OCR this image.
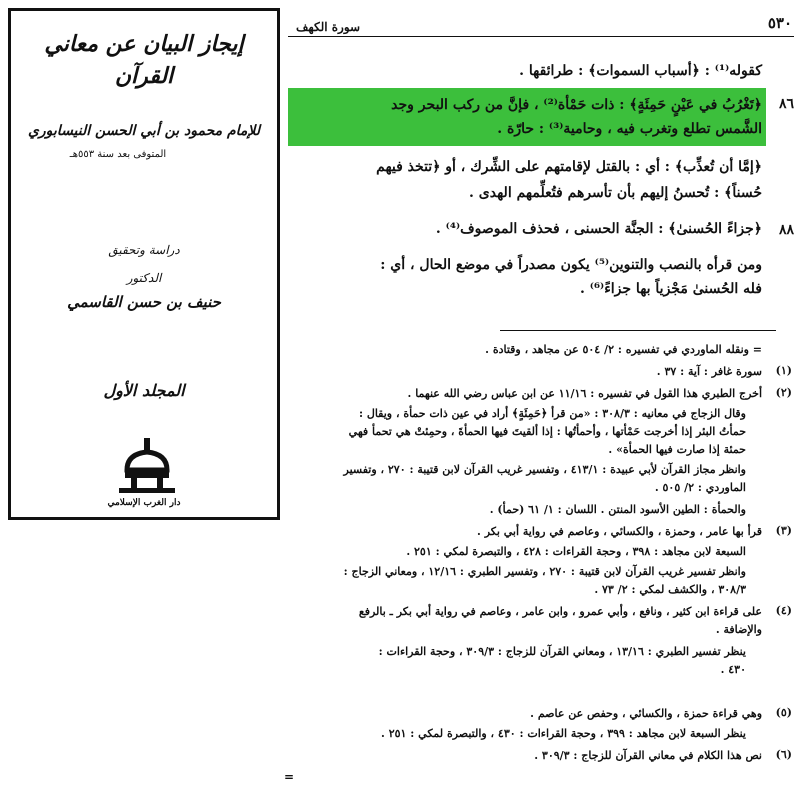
إيجاز البيان عن معاني القرآن
للإمام محمود بن أبي الحسن النيسابوري
المتوفى بعد سنة ٥٥٣هـ
دراسة وتحقيق
الدكتور
حنيف بن حسن القاسمي
المجلد الأول
دار الغرب الإسلامي
٥٣٠
سورة الكهف
كقوله⁽¹⁾ : ﴿أسباب السموات﴾ : طرائقها .
٨٦
﴿تَغْرُبُ في عَيْنٍ حَمِئَةٍ﴾ : ذات حَمْأة⁽²⁾ ، فإنَّ من ركب البحر وجد
الشَّمس تطلع وتغرب فيه ، وحامية⁽³⁾ : حارّة .
﴿إمَّا أن تُعذِّب﴾ : أي : بالقتل لإقامتهم على الشِّرك ، أو ﴿تتخذ فيهم
حُسناً﴾ : تُحسنُ إليهم بأن تأسرهم فتُعلِّمهم الهدى .
٨٨
﴿جزاءً الحُسنىٰ﴾ : الجنَّة الحسنى ، فحذف الموصوف⁽⁴⁾ .
ومن قرأه بالنصب والتنوين⁽⁵⁾ يكون مصدراً في موضع الحال ، أي :
فله الحُسنىٰ مَجْزياً بها جزاءً⁽⁶⁾ .
= ونقله الماوردي في تفسيره : ٢/ ٥٠٤ عن مجاهد ، وقتادة .
(١)
سورة غافر : آية : ٣٧ .
(٢)
أخرج الطبري هذا القول في تفسيره : ١١/١٦ عن ابن عباس رضي الله عنهما .
وقال الزجاج في معانيه : ٣٠٨/٣ : «من قرأ ﴿حَمِئَةٍ﴾ أراد في عين ذات حمأة ، ويقال :
حمأتُ البئر إذا أخرجت حَمْأتها ، وأحمأتُها : إذا ألقيتَ فيها الحمأةَ ، وحمِئتْ هي تحمأ فهي
حمئة إذا صارت فيها الحمأة» .
وانظر مجاز القرآن لأبي عبيدة : ٤١٣/١ ، وتفسير غريب القرآن لابن قتيبة : ٢٧٠ ، وتفسير
الماوردي : ٢/ ٥٠٥ .
والحمأة : الطين الأسود المنتن . اللسان : ١/ ٦١ (حمأ) .
(٣)
قرأ بها عامر ، وحمزة ، والكسائي ، وعاصم في رواية أبي بكر .
السبعة لابن مجاهد : ٣٩٨ ، وحجة القراءات : ٤٢٨ ، والتبصرة لمكي : ٢٥١ .
وانظر تفسير غريب القرآن لابن قتيبة : ٢٧٠ ، وتفسير الطبري : ١٢/١٦ ، ومعاني الزجاج :
٣٠٨/٣ ، والكشف لمكي : ٢/ ٧٣ .
(٤)
على قراءة ابن كثير ، ونافع ، وأبي عمرو ، وابن عامر ، وعاصم في رواية أبي بكر ـ بالرفع
والإضافة .
ينظر تفسير الطبري : ١٣/١٦ ، ومعاني القرآن للزجاج : ٣٠٩/٣ ، وحجة القراءات :
٤٣٠ .
(٥)
وهي قراءة حمزة ، والكسائي ، وحفص عن عاصم .
ينظر السبعة لابن مجاهد : ٣٩٩ ، وحجة القراءات : ٤٣٠ ، والتبصرة لمكي : ٢٥١ .
(٦)
نص هذا الكلام في معاني القرآن للزجاج : ٣٠٩/٣ .
=
